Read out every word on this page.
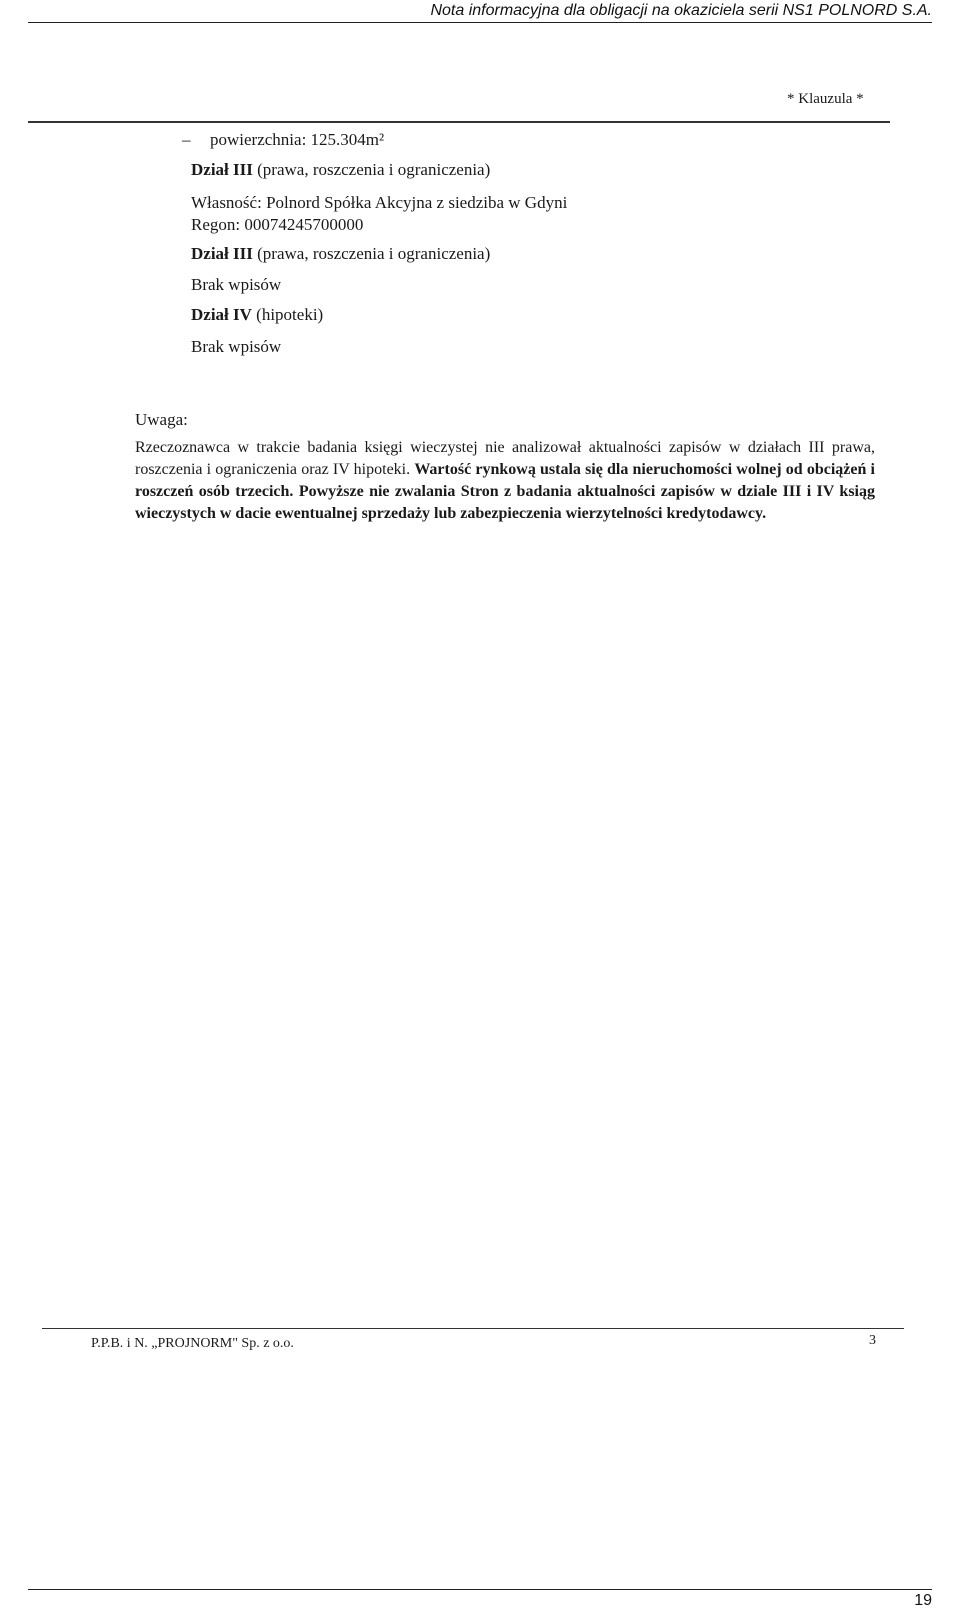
Nota informacyjna dla obligacji na okaziciela serii NS1 POLNORD S.A.
* Klauzula *
– powierzchnia: 125.304m²
Dział III (prawa, roszczenia i ograniczenia)
Własność: Polnord Spółka Akcyjna z siedziba w Gdyni
Regon: 00074245700000
Dział III (prawa, roszczenia i ograniczenia)
Brak wpisów
Dział IV (hipoteki)
Brak wpisów
Uwaga:

Rzeczoznawca w trakcie badania księgi wieczystej nie analizował aktualności zapisów w działach III prawa, roszczenia i ograniczenia oraz IV hipoteki. Wartość rynkową ustala się dla nieruchomości wolnej od obciążeń i roszczeń osób trzecich. Powyższe nie zwalania Stron z badania aktualności zapisów w dziale III i IV ksiąg wieczystych w dacie ewentualnej sprzedaży lub zabezpieczenia wierzytelności kredytodawcy.

P.P.B. i N. „PROJNORM" Sp. z o.o.	3
19
